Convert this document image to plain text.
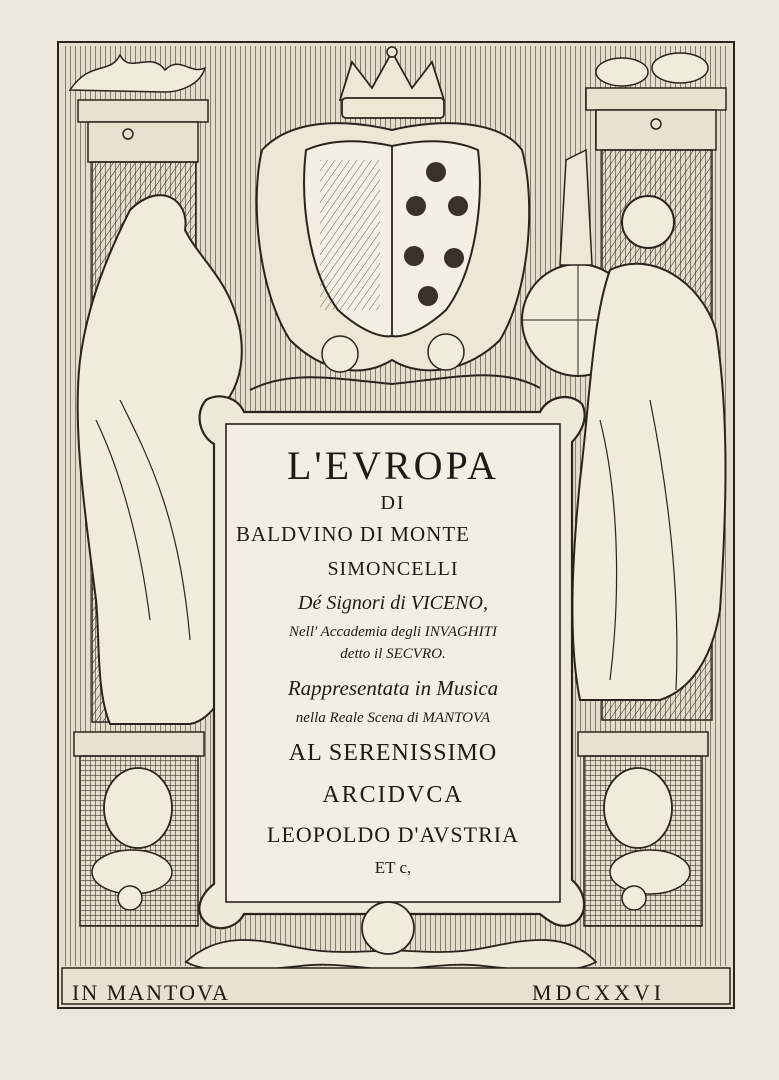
L'EVROPA
DI
BALDVINO DI MONTE
SIMONCELLI
Dé Signori di VICENO,
Nell' Accademia degli INVAGHITI
detto il SECVRO.
Rappresentata in Musica
nella Reale Scena di MANTOVA
AL SERENISSIMO
ARCIDVCA
LEOPOLDO D'AVSTRIA
ET c,
IN MANTOVA	MDCXXVI
